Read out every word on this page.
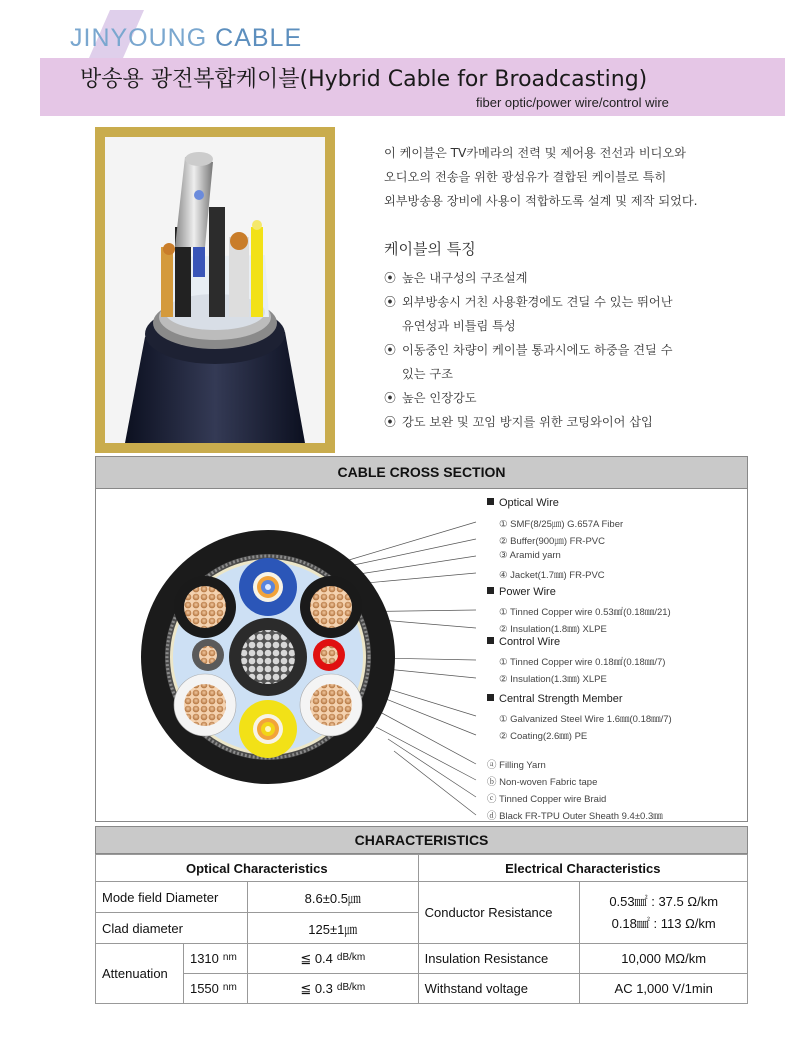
JINYOUNG CABLE
방송용 광전복합케이블(Hybrid Cable for Broadcasting)
fiber optic/power wire/control wire
이 케이블은 TV카메라의 전력 및 제어용 전선과 비디오와
오디오의 전송을 위한 광섬유가 결합된 케이블로 특히
외부방송용 장비에 사용이 적합하도록 설계 및 제작 되었다.
케이블의 특징
⦿ 높은 내구성의 구조설계
⦿ 외부방송시 거친 사용환경에도 견딜 수 있는 뛰어난
유연성과 비틀림 특성
⦿ 이동중인 차량이 케이블 통과시에도 하중을 견딜 수
있는 구조
⦿ 높은 인장강도
⦿ 강도 보완 및 꼬임 방지를 위한 코팅와이어 삽입
CABLE CROSS SECTION
Optical Wire
① SMF(8/25㎛) G.657A Fiber
② Buffer(900㎛) FR-PVC
③ Aramid yarn
④ Jacket(1.7㎜) FR-PVC
Power Wire
① Tinned Copper wire 0.53㎟(0.18㎜/21)
② Insulation(1.8㎜) XLPE
Control Wire
① Tinned Copper wire 0.18㎟(0.18㎜/7)
② Insulation(1.3㎜) XLPE
Central Strength Member
① Galvanized Steel Wire 1.6㎜(0.18㎜/7)
② Coating(2.6㎜) PE
ⓐ Filling Yarn
ⓑ Non-woven Fabric tape
ⓒ Tinned Copper wire Braid
ⓓ Black FR-TPU Outer Sheath 9.4±0.3㎜
CHARACTERISTICS
Optical Characteristics			Electrical Characteristics	
Mode field Diameter		8.6±0.5㎛	Conductor Resistance	0.53㎟ : 37.5 Ω/km
0.18㎟ : 113 Ω/km

Clad diameter		125±1㎛		
Attenuation	1310 $^{nm}$	≦ 0.4 $^{dB/km}$	Insulation Resistance	10,000 MΩ/km
	1550 $^{nm}$	≦ 0.3 $^{dB/km}$	Withstand voltage	AC 1,000 V/1min
